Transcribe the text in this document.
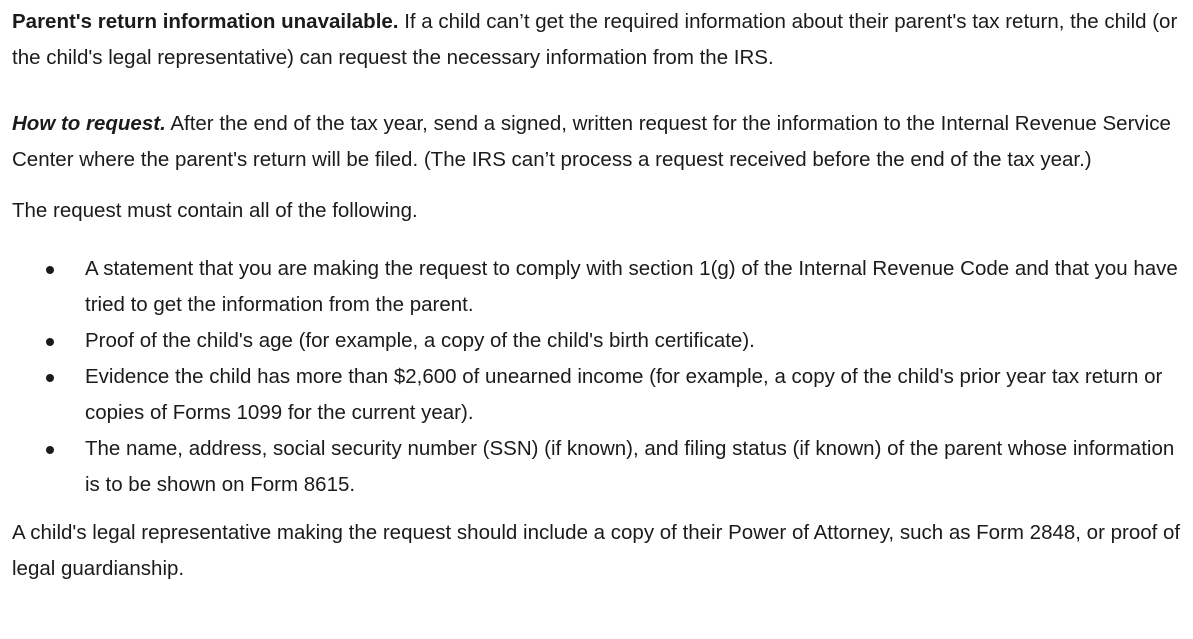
Parent's return information unavailable. If a child can’t get the required information about their parent's tax return, the child (or the child's legal representative) can request the necessary information from the IRS.

How to request. After the end of the tax year, send a signed, written request for the information to the Internal Revenue Service Center where the parent's return will be filed. (The IRS can’t process a request received before the end of the tax year.)

The request must contain all of the following.

A statement that you are making the request to comply with section 1(g) of the Internal Revenue Code and that you have tried to get the information from the parent.
Proof of the child's age (for example, a copy of the child's birth certificate).
Evidence the child has more than $2,600 of unearned income (for example, a copy of the child's prior year tax return or copies of Forms 1099 for the current year).
The name, address, social security number (SSN) (if known), and filing status (if known) of the parent whose information is to be shown on Form 8615.

A child's legal representative making the request should include a copy of their Power of Attorney, such as Form 2848, or proof of legal guardianship.
